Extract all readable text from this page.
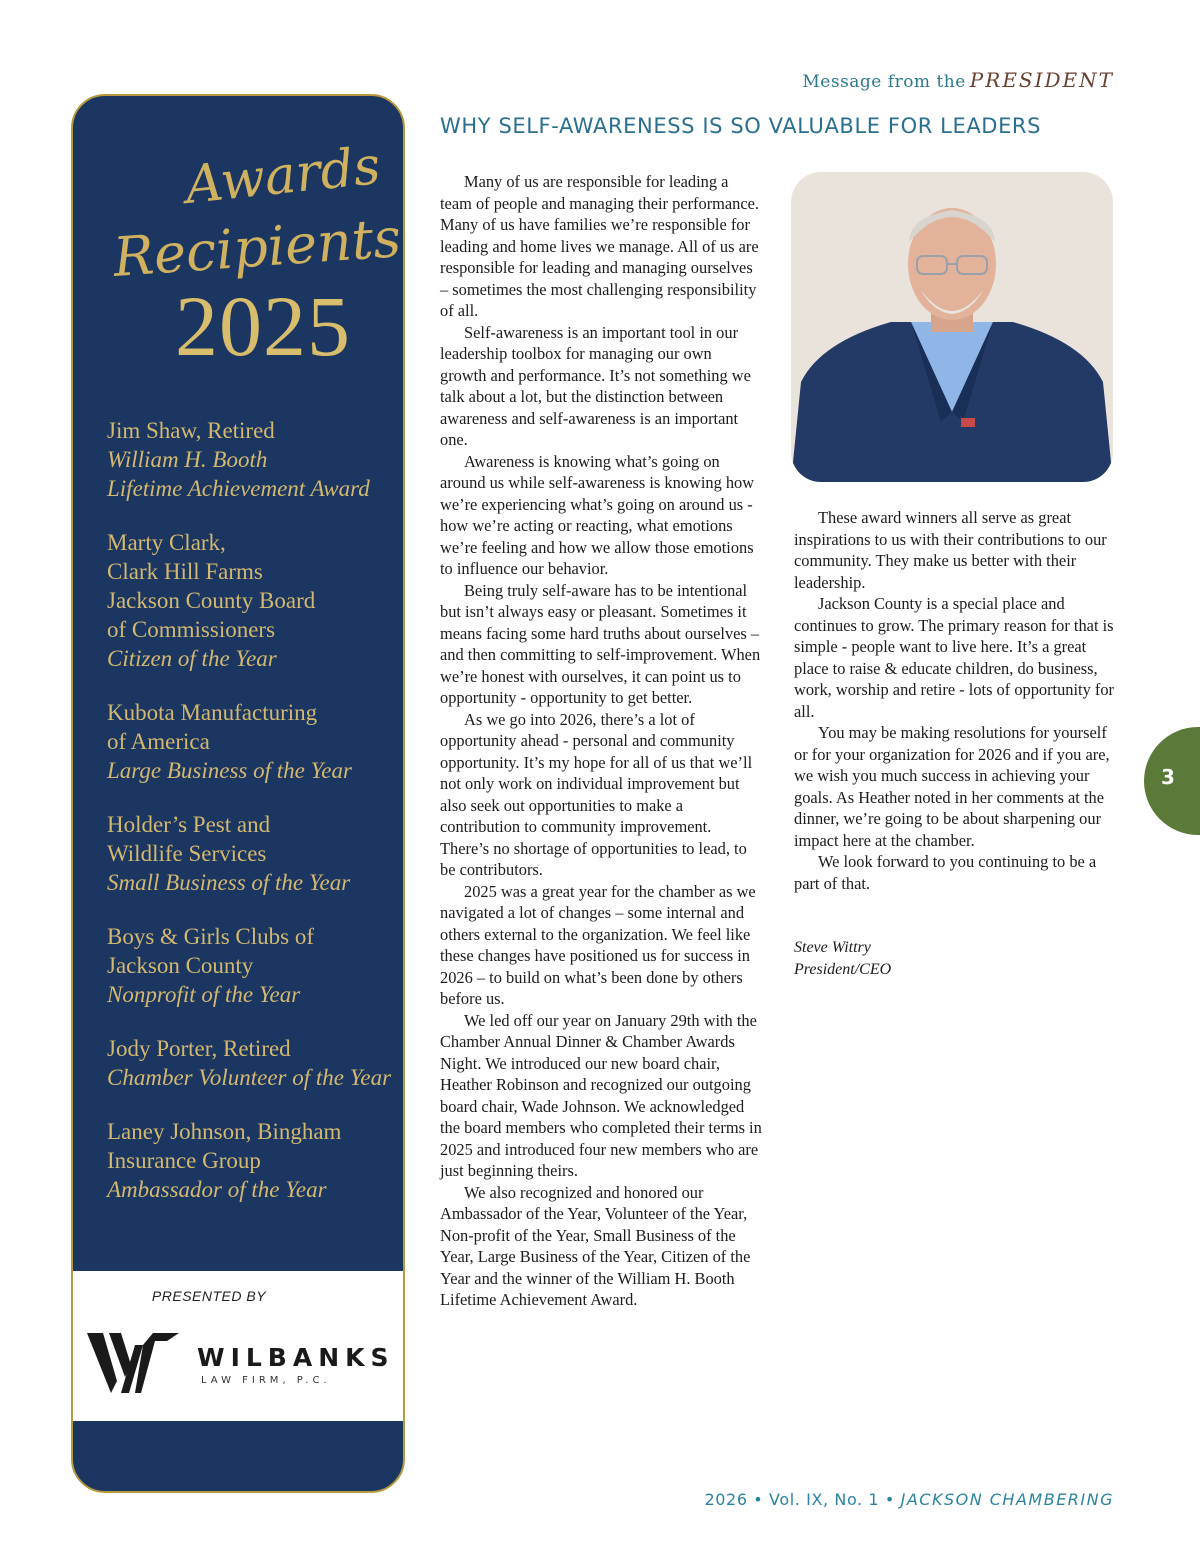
Message from the PRESIDENT
WHY SELF-AWARENESS IS SO VALUABLE FOR LEADERS
Awards
Recipients
2025
Jim Shaw, Retired
William H. Booth
Lifetime Achievement Award
Marty Clark,
Clark Hill Farms
Jackson County Board
of Commissioners
Citizen of the Year
Kubota Manufacturing
of America
Large Business of the Year
Holder’s Pest and
Wildlife Services
Small Business of the Year
Boys & Girls Clubs of
Jackson County
Nonprofit of the Year
Jody Porter, Retired
Chamber Volunteer of the Year
Laney Johnson, Bingham
Insurance Group
Ambassador of the Year
PRESENTED BY
WILBANKS
LAW FIRM, P.C.

Many of us are responsible for leading a team of people and managing their performance. Many of us have families we’re responsible for leading and home lives we manage. All of us are responsible for leading and managing ourselves – sometimes the most challenging responsibility of all.

Self-awareness is an important tool in our leadership toolbox for managing our own growth and performance. It’s not something we talk about a lot, but the distinction between awareness and self-awareness is an important one.

Awareness is knowing what’s going on around us while self-awareness is knowing how we’re experiencing what’s going on around us - how we’re acting or reacting, what emotions we’re feeling and how we allow those emotions to influence our behavior.

Being truly self-aware has to be intentional but isn’t always easy or pleasant. Sometimes it means facing some hard truths about ourselves – and then committing to self-improvement. When we’re honest with ourselves, it can point us to opportunity - opportunity to get better.

As we go into 2026, there’s a lot of opportunity ahead - personal and community opportunity. It’s my hope for all of us that we’ll not only work on individual improvement but also seek out opportunities to make a contribution to community improvement. There’s no shortage of opportunities to lead, to be contributors.

2025 was a great year for the chamber as we navigated a lot of changes – some internal and others external to the organization. We feel like these changes have positioned us for success in 2026 – to build on what’s been done by others before us.

We led off our year on January 29th with the Chamber Annual Dinner & Chamber Awards Night. We introduced our new board chair, Heather Robinson and recognized our outgoing board chair, Wade Johnson. We acknowledged the board members who completed their terms in 2025 and introduced four new members who are just beginning theirs.

We also recognized and honored our Ambassador of the Year, Volunteer of the Year, Non-profit of the Year, Small Business of the Year, Large Business of the Year, Citizen of the Year and the winner of the William H. Booth Lifetime Achievement Award.

These award winners all serve as great inspirations to us with their contributions to our community. They make us better with their leadership.

Jackson County is a special place and continues to grow. The primary reason for that is simple - people want to live here. It’s a great place to raise & educate children, do business, work, worship and retire - lots of opportunity for all.

You may be making resolutions for yourself or for your organization for 2026 and if you are, we wish you much success in achieving your goals. As Heather noted in her comments at the dinner, we’re going to be about sharpening our impact here at the chamber.

We look forward to you continuing to be a part of that.

Steve Wittry
President/CEO
3
2026 • Vol. IX, No. 1 • JACKSON CHAMBERING
